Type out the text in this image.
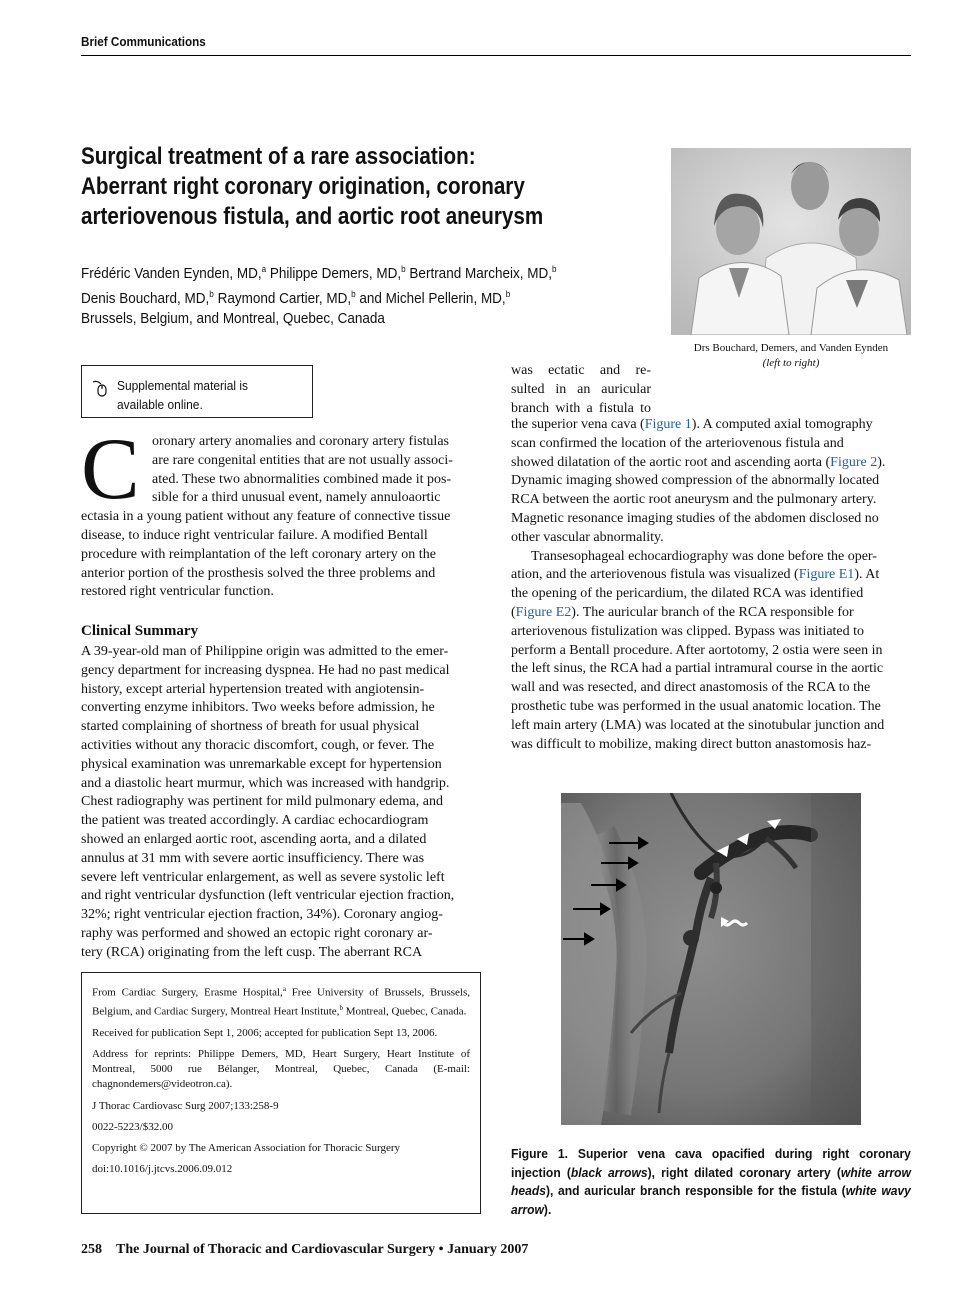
Brief Communications
Surgical treatment of a rare association:
Aberrant right coronary origination, coronary
arteriovenous fistula, and aortic root aneurysm
Frédéric Vanden Eynden, MD,$^a$ Philippe Demers, MD,$^b$ Bertrand Marcheix, MD,$^b$
Denis Bouchard, MD,$^b$ Raymond Cartier, MD,$^b$ and Michel Pellerin, MD,$^b$
Brussels, Belgium, and Montreal, Quebec, Canada
Drs Bouchard, Demers, and Vanden Eynden
(left to right)
Supplemental material is
available online.
C oronary artery anomalies and coronary artery fistulas
are rare congenital entities that are not usually associ-
ated. These two abnormalities combined made it pos-
sible for a third unusual event, namely annuloaortic
ectasia in a young patient without any feature of connective tissue
disease, to induce right ventricular failure. A modified Bentall
procedure with reimplantation of the left coronary artery on the
anterior portion of the prosthesis solved the three problems and
restored right ventricular function.
Clinical Summary
A 39-year-old man of Philippine origin was admitted to the emer-
gency department for increasing dyspnea. He had no past medical
history, except arterial hypertension treated with angiotensin-
converting enzyme inhibitors. Two weeks before admission, he
started complaining of shortness of breath for usual physical
activities without any thoracic discomfort, cough, or fever. The
physical examination was unremarkable except for hypertension
and a diastolic heart murmur, which was increased with handgrip.
Chest radiography was pertinent for mild pulmonary edema, and
the patient was treated accordingly. A cardiac echocardiogram
showed an enlarged aortic root, ascending aorta, and a dilated
annulus at 31 mm with severe aortic insufficiency. There was
severe left ventricular enlargement, as well as severe systolic left
and right ventricular dysfunction (left ventricular ejection fraction,
32%; right ventricular ejection fraction, 34%). Coronary angiog-
raphy was performed and showed an ectopic right coronary ar-
tery (RCA) originating from the left cusp. The aberrant RCA

From Cardiac Surgery, Erasme Hospital,$^a$ Free University of Brussels, Brussels, Belgium, and Cardiac Surgery, Montreal Heart Institute,$^b$ Montreal, Quebec, Canada.

Received for publication Sept 1, 2006; accepted for publication Sept 13, 2006.

Address for reprints: Philippe Demers, MD, Heart Surgery, Heart Institute of Montreal, 5000 rue Bélanger, Montreal, Quebec, Canada (E-mail: chagnondemers@videotron.ca).

J Thorac Cardiovasc Surg 2007;133:258-9

0022-5223/$32.00

Copyright © 2007 by The American Association for Thoracic Surgery

doi:10.1016/j.jtcvs.2006.09.012

was ectatic and re-
sulted in an auricular
branch with a fistula to
the superior vena cava (Figure 1). A computed axial tomography
scan confirmed the location of the arteriovenous fistula and
showed dilatation of the aortic root and ascending aorta (Figure 2).
Dynamic imaging showed compression of the abnormally located
RCA between the aortic root aneurysm and the pulmonary artery.
Magnetic resonance imaging studies of the abdomen disclosed no
other vascular abnormality.
Transesophageal echocardiography was done before the oper-
ation, and the arteriovenous fistula was visualized (Figure E1). At
the opening of the pericardium, the dilated RCA was identified
(Figure E2). The auricular branch of the RCA responsible for
arteriovenous fistulization was clipped. Bypass was initiated to
perform a Bentall procedure. After aortotomy, 2 ostia were seen in
the left sinus, the RCA had a partial intramural course in the aortic
wall and was resected, and direct anastomosis of the RCA to the
prosthetic tube was performed in the usual anatomic location. The
left main artery (LMA) was located at the sinotubular junction and
was difficult to mobilize, making direct button anastomosis haz-
Figure 1. Superior vena cava opacified during right coronary injection (black arrows), right dilated coronary artery (white arrow heads), and auricular branch responsible for the fistula (white wavy arrow).
258 The Journal of Thoracic and Cardiovascular Surgery • January 2007
